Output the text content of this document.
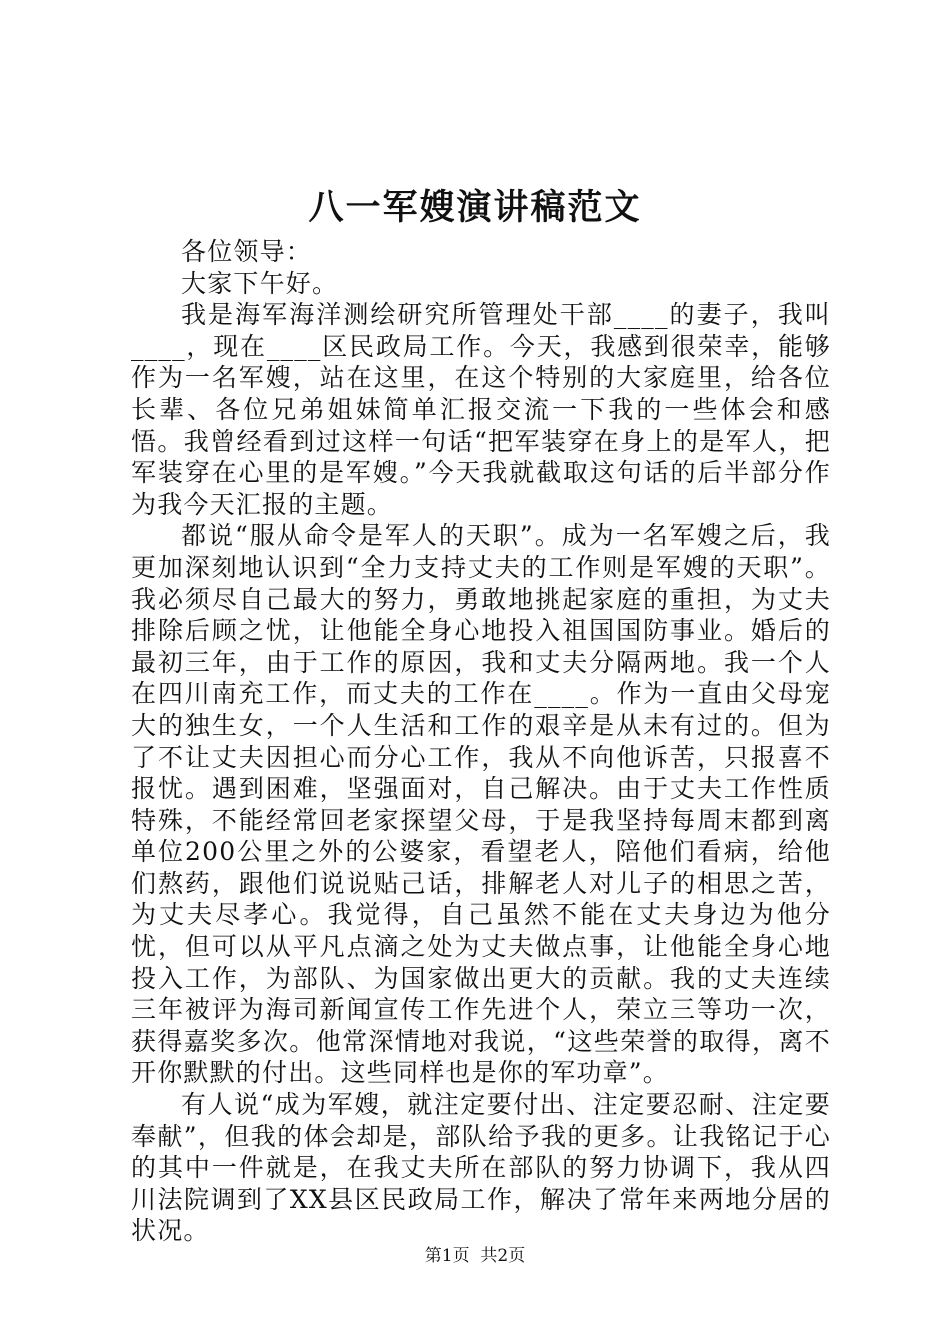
八一军嫂演讲稿范文

各位领导：

大家下午好。

我是海军海洋测绘研究所管理处干部____的妻子，我叫____，现在____区民政局工作。今天，我感到很荣幸，能够作为一名军嫂，站在这里，在这个特别的大家庭里，给各位长辈、各位兄弟姐妹简单汇报交流一下我的一些体会和感悟。我曾经看到过这样一句话“把军装穿在身上的是军人，把军装穿在心里的是军嫂。”今天我就截取这句话的后半部分作为我今天汇报的主题。

都说“服从命令是军人的天职”。成为一名军嫂之后，我更加深刻地认识到“全力支持丈夫的工作则是军嫂的天职”。我必须尽自己最大的努力，勇敢地挑起家庭的重担，为丈夫排除后顾之忧，让他能全身心地投入祖国国防事业。婚后的最初三年，由于工作的原因，我和丈夫分隔两地。我一个人在四川南充工作，而丈夫的工作在____。作为一直由父母宠大的独生女，一个人生活和工作的艰辛是从未有过的。但为了不让丈夫因担心而分心工作，我从不向他诉苦，只报喜不报忧。遇到困难，坚强面对，自己解决。由于丈夫工作性质特殊，不能经常回老家探望父母，于是我坚持每周末都到离单位200公里之外的公婆家，看望老人，陪他们看病，给他们熬药，跟他们说说贴己话，排解老人对儿子的相思之苦，为丈夫尽孝心。我觉得，自己虽然不能在丈夫身边为他分忧，但可以从平凡点滴之处为丈夫做点事，让他能全身心地投入工作，为部队、为国家做出更大的贡献。我的丈夫连续三年被评为海司新闻宣传工作先进个人，荣立三等功一次，获得嘉奖多次。他常深情地对我说，“这些荣誉的取得，离不开你默默的付出。这些同样也是你的军功章”。

有人说“成为军嫂，就注定要付出、注定要忍耐、注定要奉献”，但我的体会却是，部队给予我的更多。让我铭记于心的其中一件就是，在我丈夫所在部队的努力协调下，我从四川法院调到了XX县区民政局工作，解决了常年来两地分居的状况。

第1页 共2页
